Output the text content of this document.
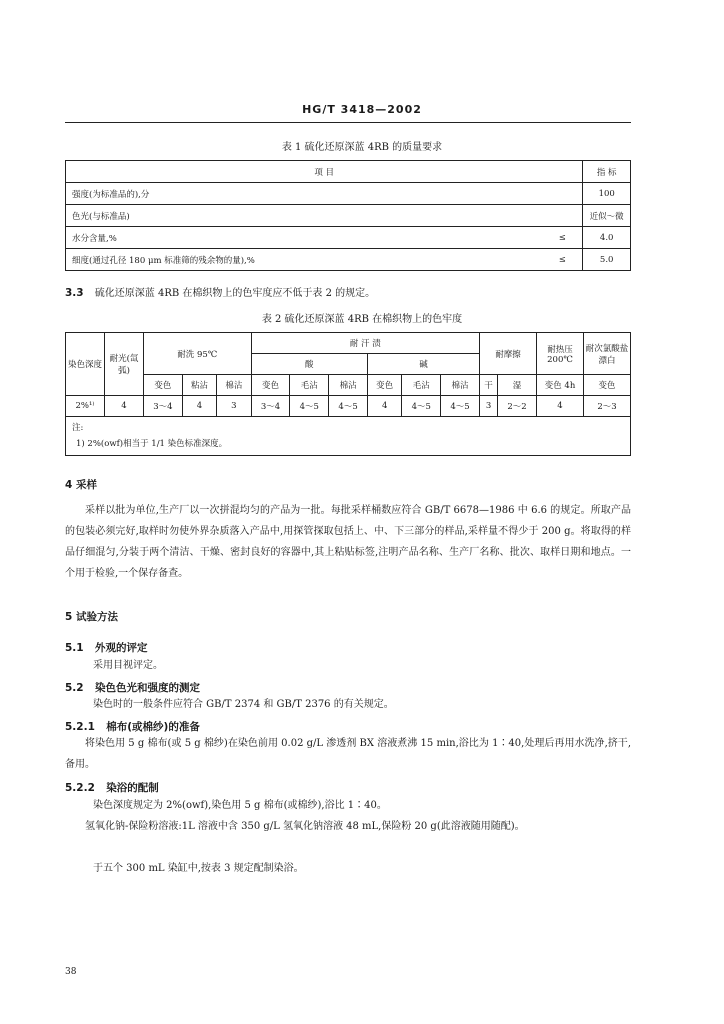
HG/T 3418—2002
表 1 硫化还原深蓝 4RB 的质量要求
项 目		指 标
强度(为标准品的),分		100
色光(与标准品)		近似～微
水分含量,%	≤	4.0
细度(通过孔径 180 μm 标准筛的残余物的量),%	≤	5.0
3.3 硫化还原深蓝 4RB 在棉织物上的色牢度应不低于表 2 的规定。
表 2 硫化还原深蓝 4RB 在棉织物上的色牢度
染色深度	耐光(氙弧)	耐洗 95℃			耐 汗 渍						耐摩擦		耐热压 200℃	耐次氯酸盐漂白
					酸			碱						
		变色	粘沾	棉沾	变色	毛沾	棉沾	变色	毛沾	棉沾	干	湿	变色 4h	变色
2%¹⁾	4	3～4	4	3	3～4	4～5	4～5	4	4～5	4～5	3	2～2	4	2～3

注:
1) 2%(owf)相当于 1/1 染色标准深度。														
4 采样
采样以批为单位,生产厂以一次拼混均匀的产品为一批。每批采样桶数应符合 GB/T 6678—1986 中 6.6 的规定。所取产品的包装必须完好,取样时勿使外界杂质落入产品中,用探管探取包括上、中、下三部分的样品,采样量不得少于 200 g。将取得的样品仔细混匀,分装于两个清洁、干燥、密封良好的容器中,其上粘贴标签,注明产品名称、生产厂名称、批次、取样日期和地点。一个用于检验,一个保存备查。
5 试验方法
5.1 外观的评定
采用目视评定。
5.2 染色色光和强度的测定
染色时的一般条件应符合 GB/T 2374 和 GB/T 2376 的有关规定。
5.2.1 棉布(或棉纱)的准备
将染色用 5 g 棉布(或 5 g 棉纱)在染色前用 0.02 g/L 渗透剂 BX 溶液煮沸 15 min,浴比为 1∶40,处理后再用水洗净,挤干,备用。
5.2.2 染浴的配制
染色深度规定为 2%(owf),染色用 5 g 棉布(或棉纱),浴比 1∶40。
氢氧化钠-保险粉溶液:1L 溶液中含 350 g/L 氢氧化钠溶液 48 mL,保险粉 20 g(此溶液随用随配)。
于五个 300 mL 染缸中,按表 3 规定配制染浴。
38
